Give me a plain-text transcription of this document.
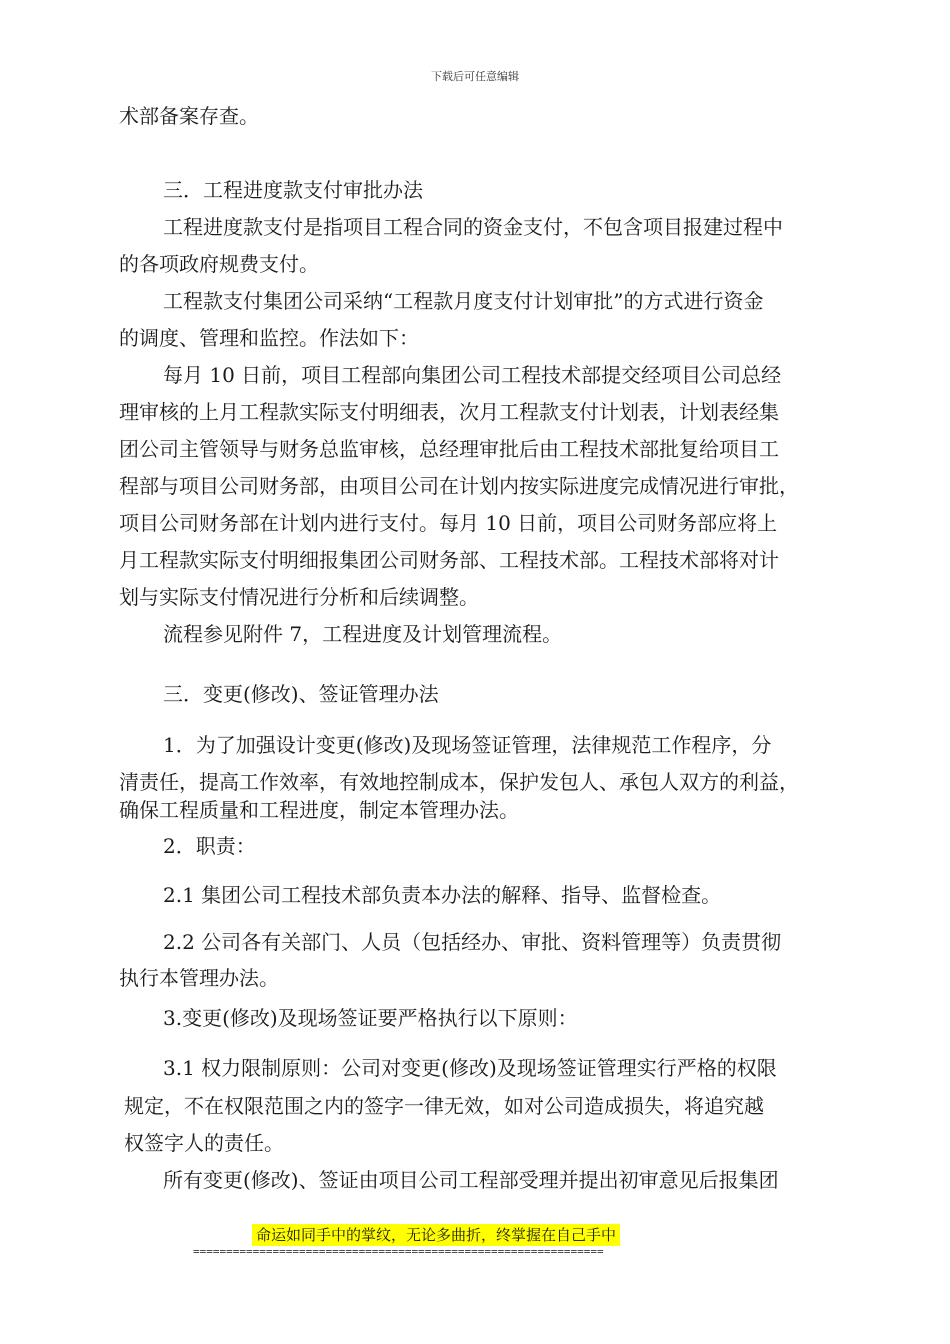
下载后可任意编辑
术部备案存查。
三．工程进度款支付审批办法
工程进度款支付是指项目工程合同的资金支付，不包含项目报建过程中
的各项政府规费支付。
工程款支付集团公司采纳“工程款月度支付计划审批”的方式进行资金
的调度、管理和监控。作法如下：
每月 10 日前，项目工程部向集团公司工程技术部提交经项目公司总经
理审核的上月工程款实际支付明细表，次月工程款支付计划表，计划表经集
团公司主管领导与财务总监审核，总经理审批后由工程技术部批复给项目工
程部与项目公司财务部，由项目公司在计划内按实际进度完成情况进行审批，
项目公司财务部在计划内进行支付。每月 10 日前，项目公司财务部应将上
月工程款实际支付明细报集团公司财务部、工程技术部。工程技术部将对计
划与实际支付情况进行分析和后续调整。
流程参见附件 7，工程进度及计划管理流程。
三．变更(修改)、签证管理办法
1．为了加强设计变更(修改)及现场签证管理，法律规范工作程序，分
清责任，提高工作效率，有效地控制成本，保护发包人、承包人双方的利益，
确保工程质量和工程进度，制定本管理办法。
2．职责：
2.1 集团公司工程技术部负责本办法的解释、指导、监督检查。
2.2 公司各有关部门、人员（包括经办、审批、资料管理等）负责贯彻
执行本管理办法。
3.变更(修改)及现场签证要严格执行以下原则：
3.1 权力限制原则：公司对变更(修改)及现场签证管理实行严格的权限
规定，不在权限范围之内的签字一律无效，如对公司造成损失，将追究越
权签字人的责任。
所有变更(修改)、签证由项目公司工程部受理并提出初审意见后报集团
命运如同手中的掌纹，无论多曲折，终掌握在自己手中
==============================================================
